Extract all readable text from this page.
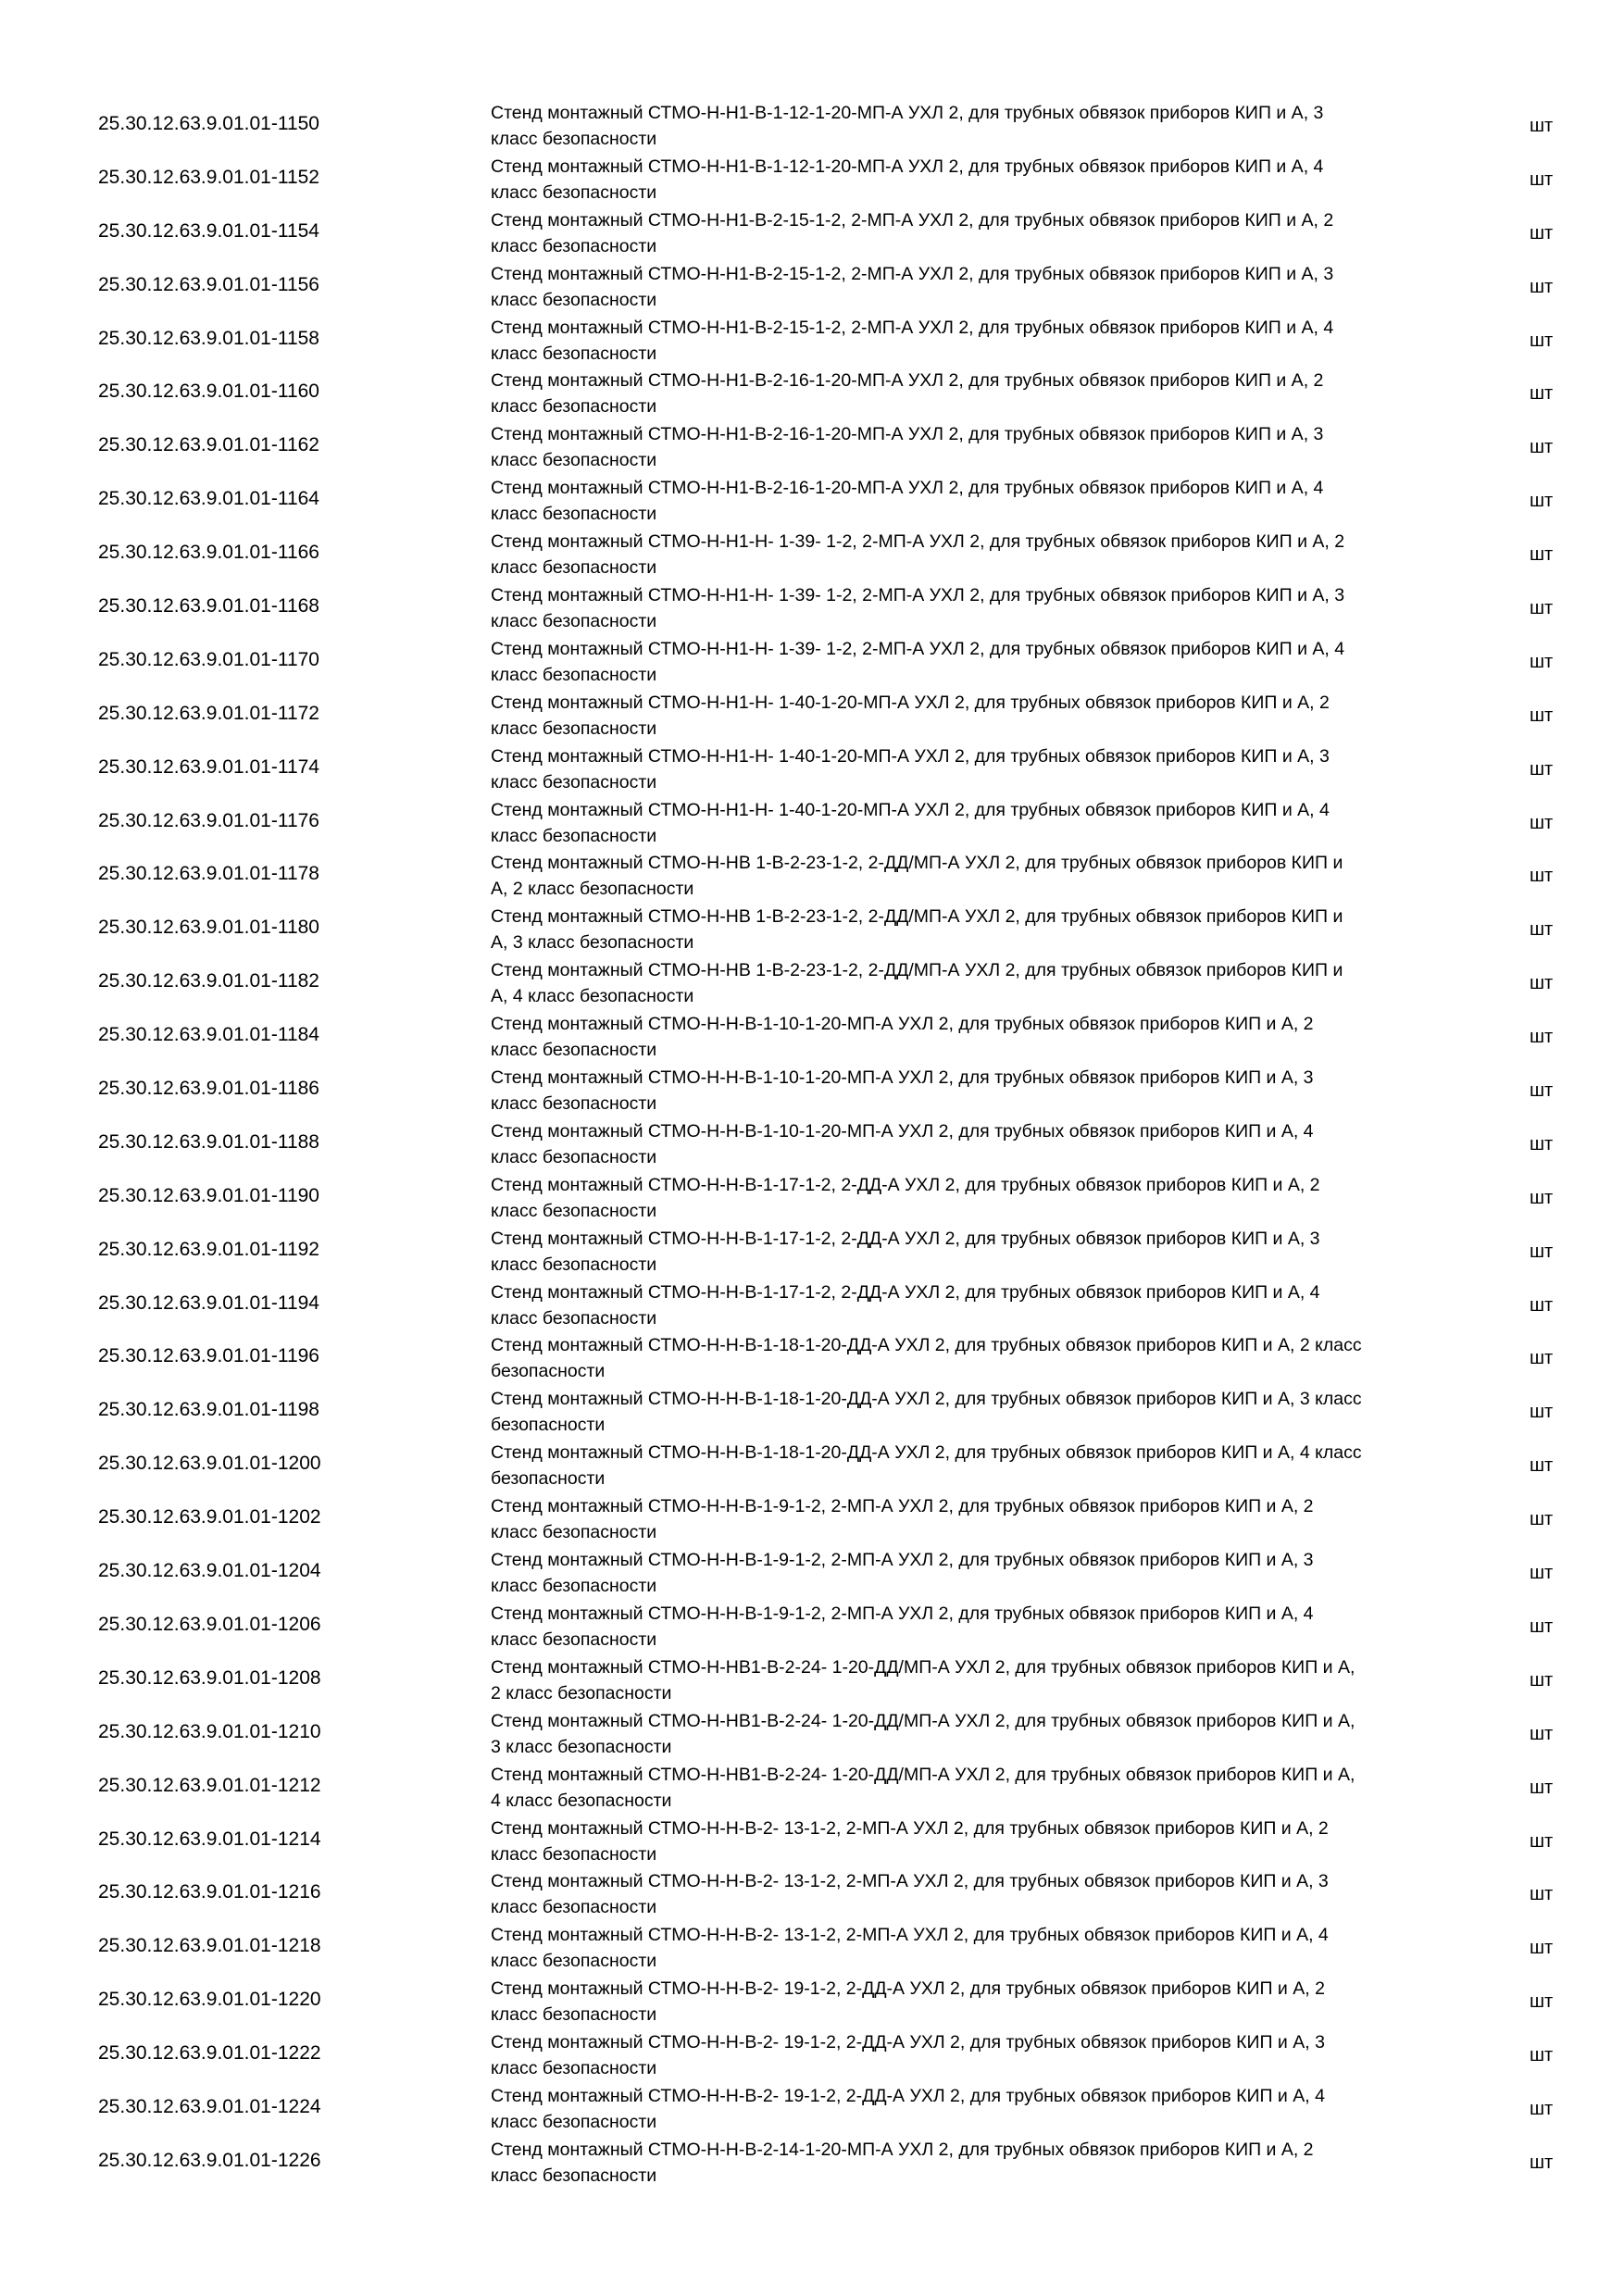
25.30.12.63.9.01.01-1150	Стенд монтажный СТМО-Н-Н1-В-1-12-1-20-МП-А УХЛ 2, для трубных обвязок приборов КИП и А, 3
класс безопасности
шт
25.30.12.63.9.01.01-1152	Стенд монтажный СТМО-Н-Н1-В-1-12-1-20-МП-А УХЛ 2, для трубных обвязок приборов КИП и А, 4
класс безопасности
шт
25.30.12.63.9.01.01-1154	Стенд монтажный СТМО-Н-Н1-В-2-15-1-2, 2-МП-А УХЛ 2, для трубных обвязок приборов КИП и А, 2
класс безопасности
шт
25.30.12.63.9.01.01-1156	Стенд монтажный СТМО-Н-Н1-В-2-15-1-2, 2-МП-А УХЛ 2, для трубных обвязок приборов КИП и А, 3
класс безопасности
шт
25.30.12.63.9.01.01-1158	Стенд монтажный СТМО-Н-Н1-В-2-15-1-2, 2-МП-А УХЛ 2, для трубных обвязок приборов КИП и А, 4
класс безопасности
шт
25.30.12.63.9.01.01-1160	Стенд монтажный СТМО-Н-Н1-В-2-16-1-20-МП-А УХЛ 2, для трубных обвязок приборов КИП и А, 2
класс безопасности
шт
25.30.12.63.9.01.01-1162	Стенд монтажный СТМО-Н-Н1-В-2-16-1-20-МП-А УХЛ 2, для трубных обвязок приборов КИП и А, 3
класс безопасности
шт
25.30.12.63.9.01.01-1164	Стенд монтажный СТМО-Н-Н1-В-2-16-1-20-МП-А УХЛ 2, для трубных обвязок приборов КИП и А, 4
класс безопасности
шт
25.30.12.63.9.01.01-1166	Стенд монтажный СТМО-Н-Н1-Н- 1-39- 1-2, 2-МП-А УХЛ 2, для трубных обвязок приборов КИП и А, 2
класс безопасности
шт
25.30.12.63.9.01.01-1168	Стенд монтажный СТМО-Н-Н1-Н- 1-39- 1-2, 2-МП-А УХЛ 2, для трубных обвязок приборов КИП и А, 3
класс безопасности
шт
25.30.12.63.9.01.01-1170	Стенд монтажный СТМО-Н-Н1-Н- 1-39- 1-2, 2-МП-А УХЛ 2, для трубных обвязок приборов КИП и А, 4
класс безопасности
шт
25.30.12.63.9.01.01-1172	Стенд монтажный СТМО-Н-Н1-Н- 1-40-1-20-МП-А УХЛ 2, для трубных обвязок приборов КИП и А, 2
класс безопасности
шт
25.30.12.63.9.01.01-1174	Стенд монтажный СТМО-Н-Н1-Н- 1-40-1-20-МП-А УХЛ 2, для трубных обвязок приборов КИП и А, 3
класс безопасности
шт
25.30.12.63.9.01.01-1176	Стенд монтажный СТМО-Н-Н1-Н- 1-40-1-20-МП-А УХЛ 2, для трубных обвязок приборов КИП и А, 4
класс безопасности
шт
25.30.12.63.9.01.01-1178	Стенд монтажный СТМО-Н-НВ 1-В-2-23-1-2, 2-ДД/МП-А УХЛ 2, для трубных обвязок приборов КИП и
А, 2 класс безопасности
шт
25.30.12.63.9.01.01-1180	Стенд монтажный СТМО-Н-НВ 1-В-2-23-1-2, 2-ДД/МП-А УХЛ 2, для трубных обвязок приборов КИП и
А, 3 класс безопасности
шт
25.30.12.63.9.01.01-1182	Стенд монтажный СТМО-Н-НВ 1-В-2-23-1-2, 2-ДД/МП-А УХЛ 2, для трубных обвязок приборов КИП и
А, 4 класс безопасности
шт
25.30.12.63.9.01.01-1184	Стенд монтажный СТМО-Н-Н-В-1-10-1-20-МП-А УХЛ 2, для трубных обвязок приборов КИП и А, 2
класс безопасности
шт
25.30.12.63.9.01.01-1186	Стенд монтажный СТМО-Н-Н-В-1-10-1-20-МП-А УХЛ 2, для трубных обвязок приборов КИП и А, 3
класс безопасности
шт
25.30.12.63.9.01.01-1188	Стенд монтажный СТМО-Н-Н-В-1-10-1-20-МП-А УХЛ 2, для трубных обвязок приборов КИП и А, 4
класс безопасности
шт
25.30.12.63.9.01.01-1190	Стенд монтажный СТМО-Н-Н-В-1-17-1-2, 2-ДД-А УХЛ 2, для трубных обвязок приборов КИП и А, 2
класс безопасности
шт
25.30.12.63.9.01.01-1192	Стенд монтажный СТМО-Н-Н-В-1-17-1-2, 2-ДД-А УХЛ 2, для трубных обвязок приборов КИП и А, 3
класс безопасности
шт
25.30.12.63.9.01.01-1194	Стенд монтажный СТМО-Н-Н-В-1-17-1-2, 2-ДД-А УХЛ 2, для трубных обвязок приборов КИП и А, 4
класс безопасности
шт
25.30.12.63.9.01.01-1196	Стенд монтажный СТМО-Н-Н-В-1-18-1-20-ДД-А УХЛ 2, для трубных обвязок приборов КИП и А, 2 класс
безопасности
шт
25.30.12.63.9.01.01-1198	Стенд монтажный СТМО-Н-Н-В-1-18-1-20-ДД-А УХЛ 2, для трубных обвязок приборов КИП и А, 3 класс
безопасности
шт
25.30.12.63.9.01.01-1200	Стенд монтажный СТМО-Н-Н-В-1-18-1-20-ДД-А УХЛ 2, для трубных обвязок приборов КИП и А, 4 класс
безопасности
шт
25.30.12.63.9.01.01-1202	Стенд монтажный СТМО-Н-Н-В-1-9-1-2, 2-МП-А УХЛ 2, для трубных обвязок приборов КИП и А, 2
класс безопасности
шт
25.30.12.63.9.01.01-1204	Стенд монтажный СТМО-Н-Н-В-1-9-1-2, 2-МП-А УХЛ 2, для трубных обвязок приборов КИП и А, 3
класс безопасности
шт
25.30.12.63.9.01.01-1206	Стенд монтажный СТМО-Н-Н-В-1-9-1-2, 2-МП-А УХЛ 2, для трубных обвязок приборов КИП и А, 4
класс безопасности
шт
25.30.12.63.9.01.01-1208	Стенд монтажный СТМО-Н-НВ1-В-2-24- 1-20-ДД/МП-А УХЛ 2, для трубных обвязок приборов КИП и А,
2 класс безопасности
шт
25.30.12.63.9.01.01-1210	Стенд монтажный СТМО-Н-НВ1-В-2-24- 1-20-ДД/МП-А УХЛ 2, для трубных обвязок приборов КИП и А,
3 класс безопасности
шт
25.30.12.63.9.01.01-1212	Стенд монтажный СТМО-Н-НВ1-В-2-24- 1-20-ДД/МП-А УХЛ 2, для трубных обвязок приборов КИП и А,
4 класс безопасности
шт
25.30.12.63.9.01.01-1214	Стенд монтажный СТМО-Н-Н-В-2- 13-1-2, 2-МП-А УХЛ 2, для трубных обвязок приборов КИП и А, 2
класс безопасности
шт
25.30.12.63.9.01.01-1216	Стенд монтажный СТМО-Н-Н-В-2- 13-1-2, 2-МП-А УХЛ 2, для трубных обвязок приборов КИП и А, 3
класс безопасности
шт
25.30.12.63.9.01.01-1218	Стенд монтажный СТМО-Н-Н-В-2- 13-1-2, 2-МП-А УХЛ 2, для трубных обвязок приборов КИП и А, 4
класс безопасности
шт
25.30.12.63.9.01.01-1220	Стенд монтажный СТМО-Н-Н-В-2- 19-1-2, 2-ДД-А УХЛ 2, для трубных обвязок приборов КИП и А, 2
класс безопасности
шт
25.30.12.63.9.01.01-1222	Стенд монтажный СТМО-Н-Н-В-2- 19-1-2, 2-ДД-А УХЛ 2, для трубных обвязок приборов КИП и А, 3
класс безопасности
шт
25.30.12.63.9.01.01-1224	Стенд монтажный СТМО-Н-Н-В-2- 19-1-2, 2-ДД-А УХЛ 2, для трубных обвязок приборов КИП и А, 4
класс безопасности
шт
25.30.12.63.9.01.01-1226	Стенд монтажный СТМО-Н-Н-В-2-14-1-20-МП-А УХЛ 2, для трубных обвязок приборов КИП и А, 2
класс безопасности
шт
